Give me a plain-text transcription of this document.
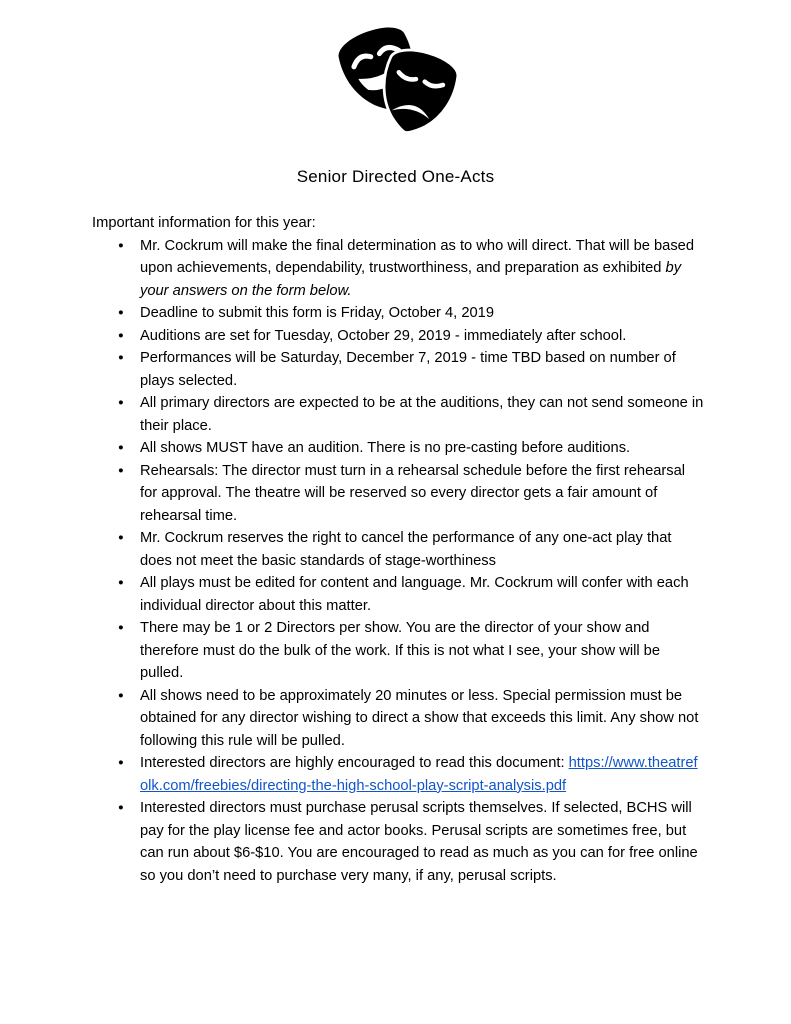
Senior Directed One-Acts

Important information for this year:

● Mr. Cockrum will make the final determination as to who will direct. That will be based upon achievements, dependability, trustworthiness, and preparation as exhibited by your answers on the form below.
● Deadline to submit this form is Friday, October 4, 2019
● Auditions are set for Tuesday, October 29, 2019 - immediately after school.
● Performances will be Saturday, December 7, 2019 - time TBD based on number of plays selected.
● All primary directors are expected to be at the auditions, they can not send someone in their place.
● All shows MUST have an audition. There is no pre-casting before auditions.
● Rehearsals: The director must turn in a rehearsal schedule before the first rehearsal for approval. The theatre will be reserved so every director gets a fair amount of rehearsal time.
● Mr. Cockrum reserves the right to cancel the performance of any one-act play that does not meet the basic standards of stage-worthiness
● All plays must be edited for content and language. Mr. Cockrum will confer with each individual director about this matter.
● There may be 1 or 2 Directors per show. You are the director of your show and therefore must do the bulk of the work. If this is not what I see, your show will be pulled.
● All shows need to be approximately 20 minutes or less. Special permission must be obtained for any director wishing to direct a show that exceeds this limit. Any show not following this rule will be pulled.
● Interested directors are highly encouraged to read this document: https://www.theatrefolk.com/freebies/directing-the-high-school-play-script-analysis.pdf
● Interested directors must purchase perusal scripts themselves. If selected, BCHS will pay for the play license fee and actor books. Perusal scripts are sometimes free, but can run about $6-$10. You are encouraged to read as much as you can for free online so you don’t need to purchase very many, if any, perusal scripts.
